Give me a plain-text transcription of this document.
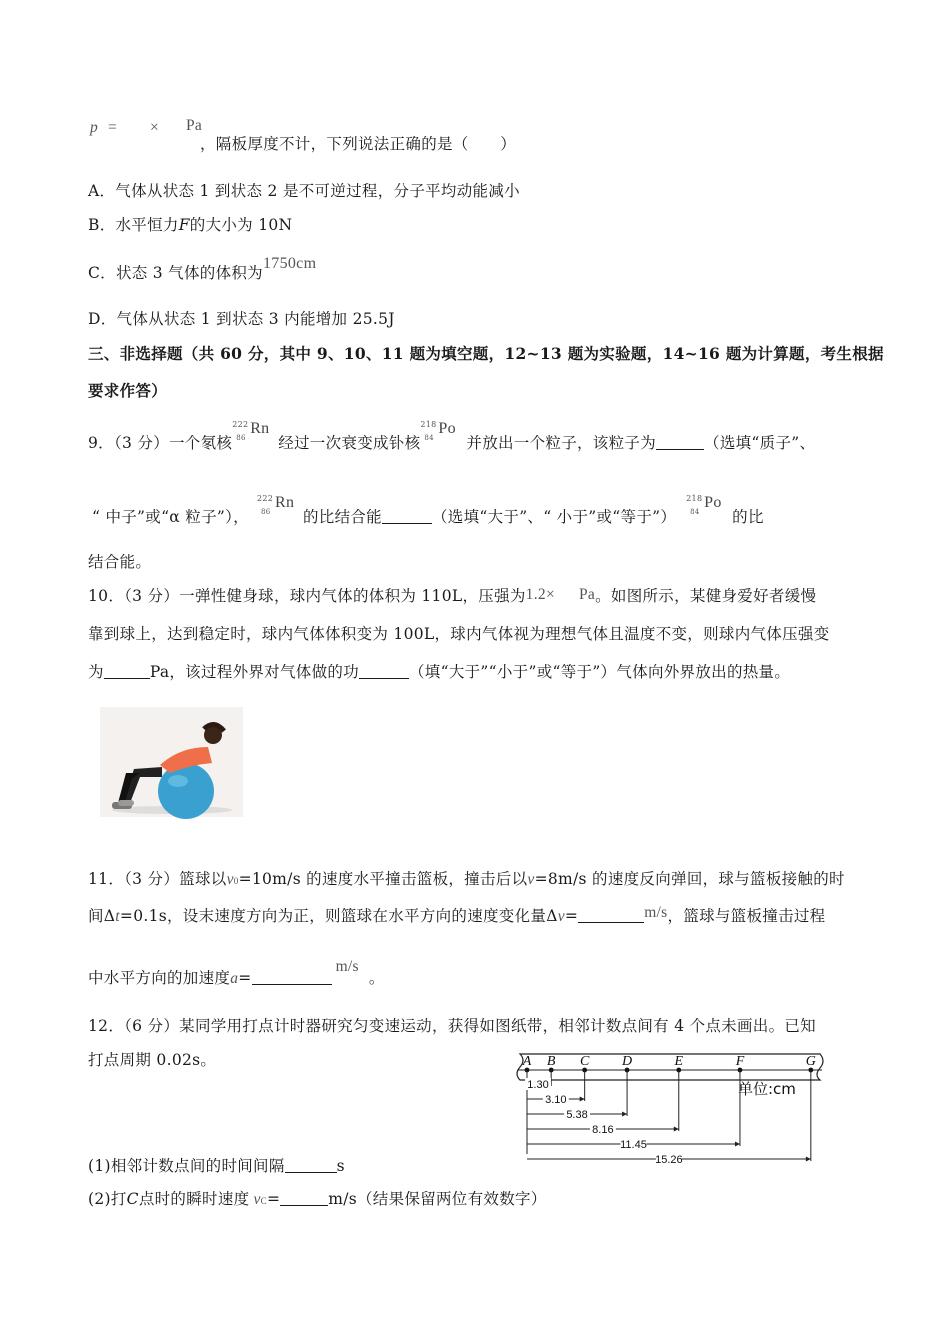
p = × Pa
，隔板厚度不计，下列说法正确的是（　　）
A．气体从状态 1 到状态 2 是不可逆过程，分子平均动能减小
B．水平恒力F的大小为 10N
C．状态 3 气体的体积为1750cm
D．气体从状态 1 到状态 3 内能增加 25.5J
三、非选择题（共 60 分，其中 9、10、11 题为填空题，12~13 题为实验题，14~16 题为计算题，考生根据
要求作答）
9．（3 分）一个氡核
222
86
Rn
经过一次衰变成钋核
218
84
Po
并放出一个粒子，该粒子为	（选填“质子”、
“ 中子”或“α 粒子”），
222
86
Rn
的比结合能	（选填“大于”、“ 小于”或“等于”）
218
84
Po
的比
结合能。
10．（3 分）一弹性健身球，球内气体的体积为 110L，压强为1.2× Pa。如图所示，某健身爱好者缓慢
靠到球上，达到稳定时，球内气体体积变为 100L，球内气体视为理想气体且温度不变，则球内气体压强变
为	Pa，该过程外界对气体做的功	（填“大于”“小于”或“等于”）气体向外界放出的热量。
11．（3 分）篮球以v0=10m/s 的速度水平撞击篮板，撞击后以v=8m/s 的速度反向弹回，球与篮板接触的时
间Δt=0.1s，设末速度方向为正，则篮球在水平方向的速度变化量Δv=	m/s，篮球与篮板撞击过程
中水平方向的加速度a=m/s。
12．（6 分）某同学用打点计时器研究匀变速运动，获得如图纸带，相邻计数点间有 4 个点未画出。已知
打点周期 0.02s。	A B C D	E	F	G
1.30
3.10
5.38
8.16
11.45
15.26
单位:cm
(1)相邻计数点间的时间间隔	s
(2)打C点时的瞬时速度 vC=	m/s（结果保留两位有效数字）
